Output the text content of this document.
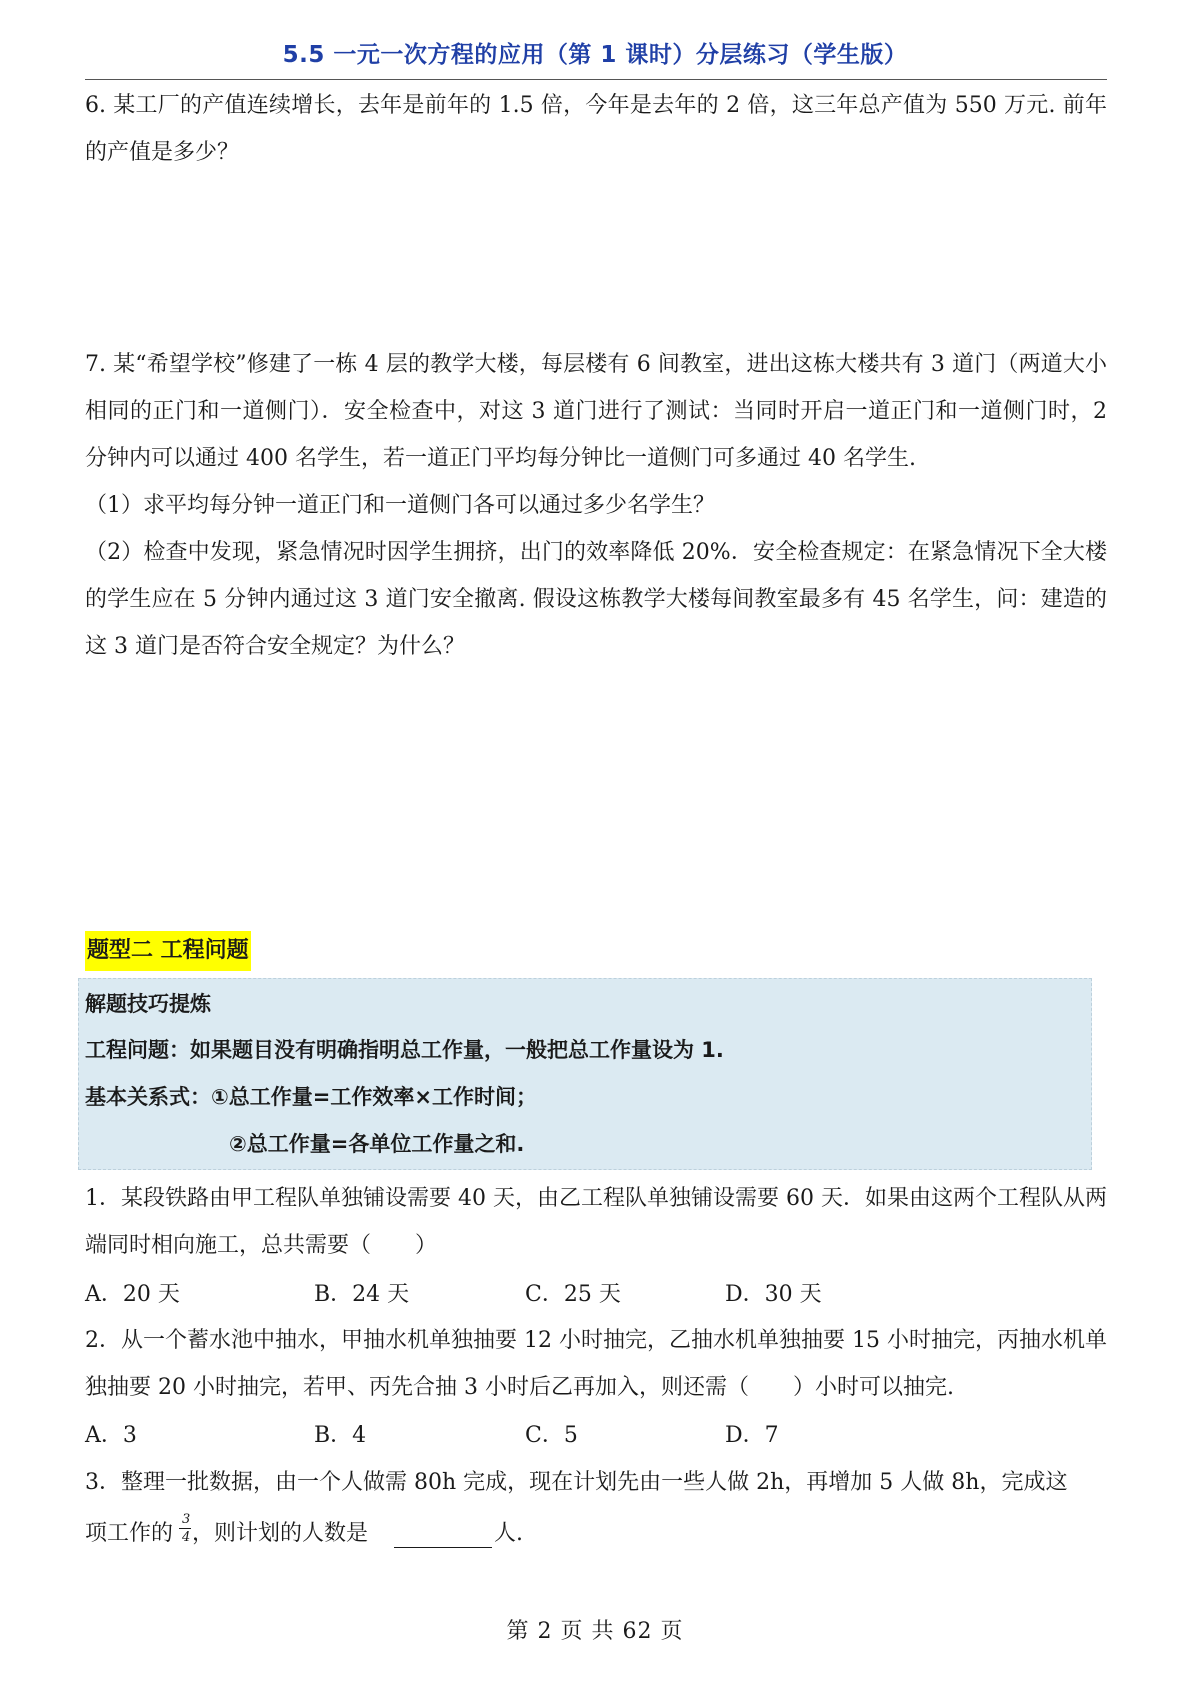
5.5 一元一次方程的应用（第 1 课时）分层练习（学生版）
6. 某工厂的产值连续增长，去年是前年的 1.5 倍，今年是去年的 2 倍，这三年总产值为 550 万元. 前年的产值是多少？
7. 某“希望学校”修建了一栋 4 层的教学大楼，每层楼有 6 间教室，进出这栋大楼共有 3 道门（两道大小相同的正门和一道侧门）．安全检查中，对这 3 道门进行了测试：当同时开启一道正门和一道侧门时，2 分钟内可以通过 400 名学生，若一道正门平均每分钟比一道侧门可多通过 40 名学生.
（1）求平均每分钟一道正门和一道侧门各可以通过多少名学生？
（2）检查中发现，紧急情况时因学生拥挤，出门的效率降低 20%．安全检查规定：在紧急情况下全大楼的学生应在 5 分钟内通过这 3 道门安全撤离. 假设这栋教学大楼每间教室最多有 45 名学生，问：建造的这 3 道门是否符合安全规定？为什么？
题型二 工程问题
解题技巧提炼
工程问题：如果题目没有明确指明总工作量，一般把总工作量设为 1.
基本关系式：①总工作量=工作效率×工作时间；
②总工作量=各单位工作量之和.
1．某段铁路由甲工程队单独铺设需要 40 天，由乙工程队单独铺设需要 60 天．如果由这两个工程队从两端同时相向施工，总共需要（　　）
A．20 天	B．24 天	C．25 天	D．30 天
2．从一个蓄水池中抽水，甲抽水机单独抽要 12 小时抽完，乙抽水机单独抽要 15 小时抽完，丙抽水机单独抽要 20 小时抽完，若甲、丙先合抽 3 小时后乙再加入，则还需（　　）小时可以抽完.
A．3	B．4	C．5	D．7
3．整理一批数据，由一个人做需 80h 完成，现在计划先由一些人做 2h，再增加 5 人做 8h，完成这
项工作的
3
4 ，则计划的人数是	人.
第 2 页 共 62 页
